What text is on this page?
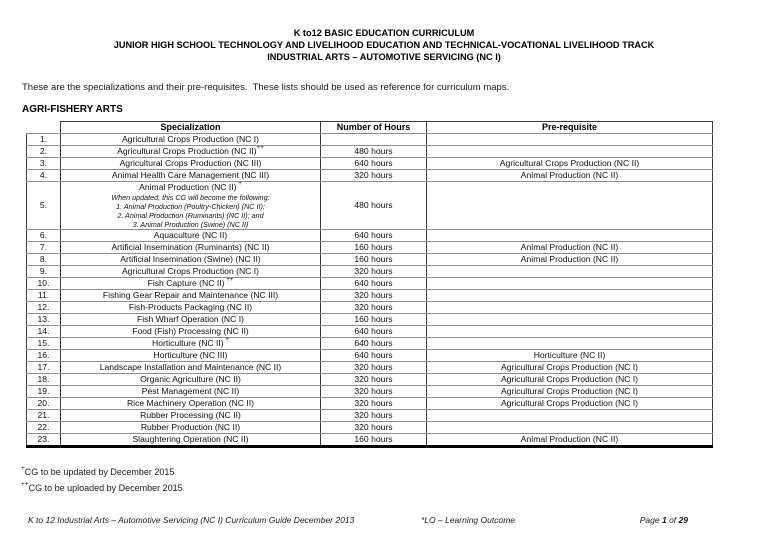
K to12 BASIC EDUCATION CURRICULUM
JUNIOR HIGH SCHOOL TECHNOLOGY AND LIVELIHOOD EDUCATION AND TECHNICAL-VOCATIONAL LIVELIHOOD TRACK
INDUSTRIAL ARTS – AUTOMOTIVE SERVICING (NC I)
These are the specializations and their pre-requisites.  These lists should be used as reference for curriculum maps.
AGRI-FISHERY ARTS
	Specialization	Number of Hours	Pre-requisite
1.	Agricultural Crops Production (NC I)		
2.	Agricultural Crops Production (NC II)++	480 hours	
3.	Agricultural Crops Production (NC III)	640 hours	Agricultural Crops Production (NC II)
4.	Animal Health Care Management (NC III)	320 hours	Animal Production (NC II)
5.	Animal Production (NC II) +
When updated, this CG will become the following:
1. Animal Production (Poultry-Chicken) (NC II);
2. Animal Production (Ruminants) (NC II); and
3. Animal Production (Swine) (NC II)	480 hours	
6.	Aquaculture (NC II)	640 hours	
7.	Artificial Insemination (Ruminants) (NC II)	160 hours	Animal Production (NC II)
8.	Artificial Insemination (Swine) (NC II)	160 hours	Animal Production (NC II)
9.	Agricultural Crops Production (NC I)	320 hours	
10.	Fish Capture (NC II) ++	640 hours	
11.	Fishing Gear Repair and Maintenance (NC III)	320 hours	
12.	Fish-Products Packaging (NC II)	320 hours	
13.	Fish Wharf Operation (NC I)	160 hours	
14.	Food (Fish) Processing (NC II)	640 hours	
15.	Horticulture (NC II) +	640 hours	
16.	Horticulture (NC III)	640 hours	Horticulture (NC II)
17.	Landscape Installation and Maintenance (NC II)	320 hours	Agricultural Crops Production (NC I)
18.	Organic Agriculture (NC II)	320 hours	Agricultural Crops Production (NC I)
19.	Pest Management (NC II)	320 hours	Agricultural Crops Production (NC I)
20.	Rice Machinery Operation (NC II)	320 hours	Agricultural Crops Production (NC I)
21.	Rubber Processing (NC II)	320 hours	
22.	Rubber Production (NC II)	320 hours	
23.	Slaughtering Operation (NC II)	160 hours	Animal Production (NC II)
+CG to be updated by December 2015
++CG to be uploaded by December 2015
K to 12 Industrial Arts – Automotive Servicing (NC I) Curriculum Guide December 2013	*LO – Learning Outcome	Page 1 of 29
